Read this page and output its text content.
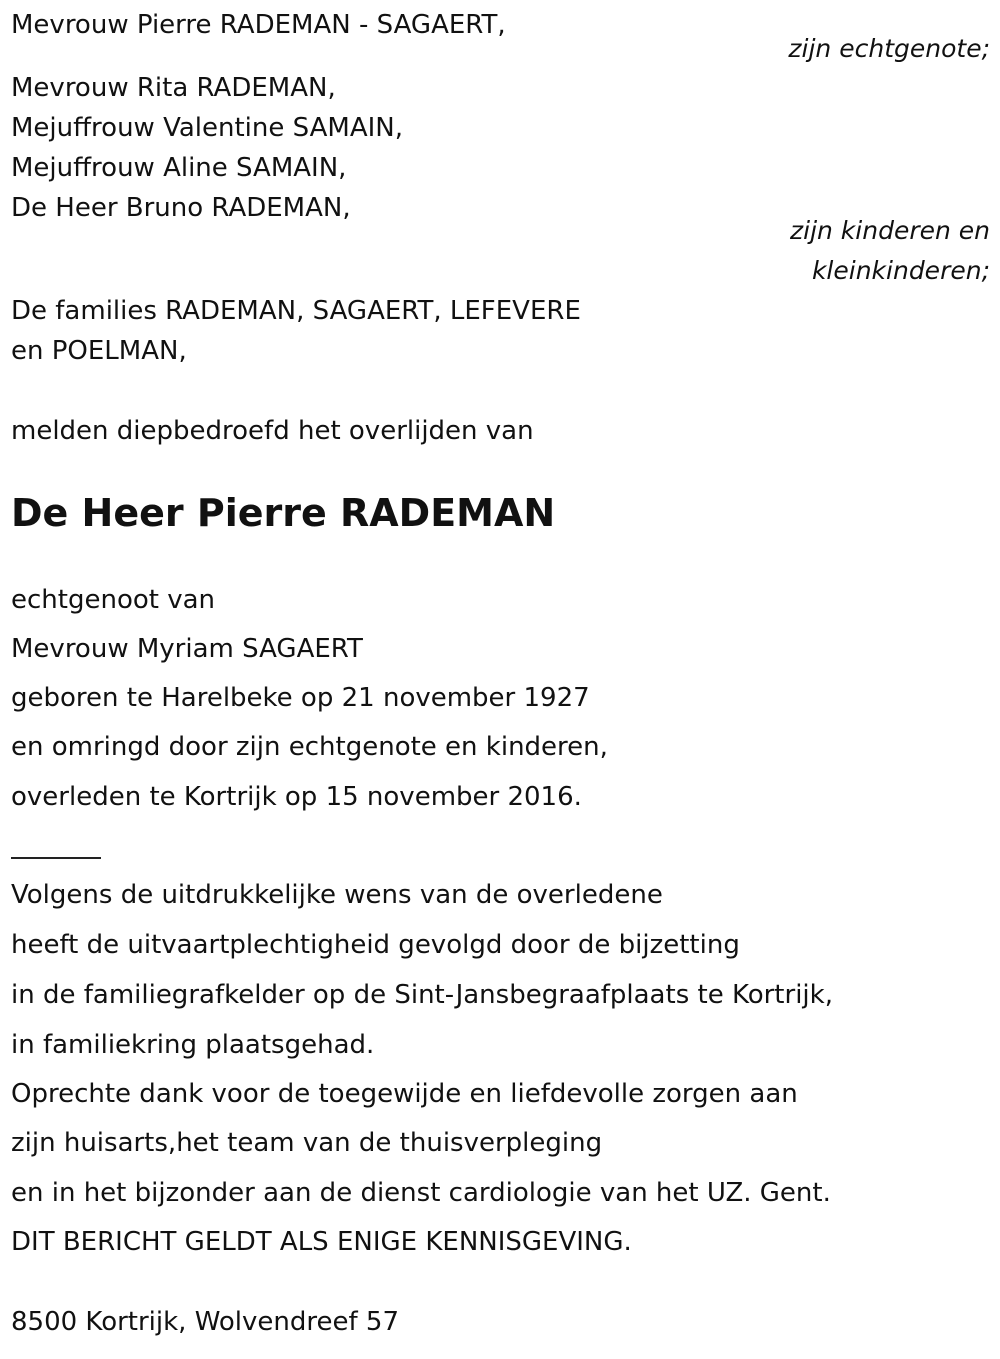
Mevrouw Pierre RADEMAN - SAGAERT,
zijn echtgenote;
Mevrouw Rita RADEMAN,
Mejuffrouw Valentine SAMAIN,
Mejuffrouw Aline SAMAIN,
De Heer Bruno RADEMAN,
zijn kinderen en
kleinkinderen;
De families RADEMAN, SAGAERT, LEFEVERE
en POELMAN,
melden diepbedroefd het overlijden van
De Heer Pierre RADEMAN
echtgenoot van
Mevrouw Myriam SAGAERT
geboren te Harelbeke op 21 november 1927
en omringd door zijn echtgenote en kinderen,
overleden te Kortrijk op 15 november 2016.
Volgens de uitdrukkelijke wens van de overledene
heeft de uitvaartplechtigheid gevolgd door de bijzetting
in de familiegrafkelder op de Sint-Jansbegraafplaats te Kortrijk,
in familiekring plaatsgehad.
Oprechte dank voor de toegewijde en liefdevolle zorgen aan
zijn huisarts,het team van de thuisverpleging
en in het bijzonder aan de dienst cardiologie van het UZ. Gent.
DIT BERICHT GELDT ALS ENIGE KENNISGEVING.
8500 Kortrijk, Wolvendreef 57
